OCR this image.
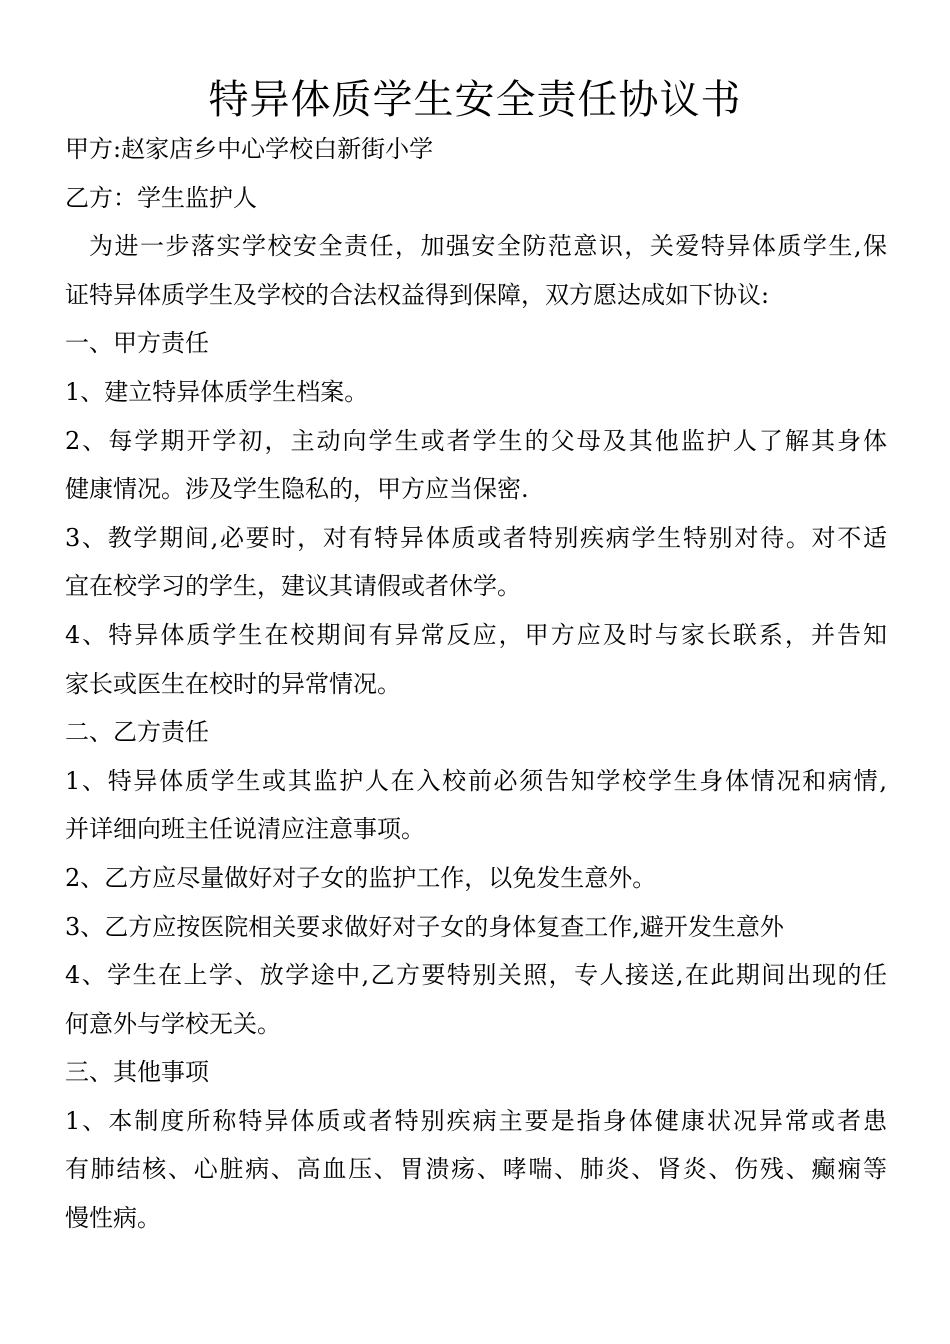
特异体质学生安全责任协议书
甲方:赵家店乡中心学校白新街小学
乙方：学生监护人
为进一步落实学校安全责任，加强安全防范意识，关爱特异体质学生,保
证特异体质学生及学校的合法权益得到保障，双方愿达成如下协议:
一、甲方责任
1、建立特异体质学生档案。
2、每学期开学初，主动向学生或者学生的父母及其他监护人了解其身体
健康情况。涉及学生隐私的，甲方应当保密.
3、教学期间,必要时，对有特异体质或者特别疾病学生特别对待。对不适
宜在校学习的学生，建议其请假或者休学。
4、特异体质学生在校期间有异常反应，甲方应及时与家长联系，并告知
家长或医生在校时的异常情况。
二、乙方责任
1、特异体质学生或其监护人在入校前必须告知学校学生身体情况和病情,
并详细向班主任说清应注意事项。
2、乙方应尽量做好对子女的监护工作，以免发生意外。
3、乙方应按医院相关要求做好对子女的身体复查工作,避开发生意外
4、学生在上学、放学途中,乙方要特别关照，专人接送,在此期间出现的任
何意外与学校无关。
三、其他事项
1、本制度所称特异体质或者特别疾病主要是指身体健康状况异常或者患
有肺结核、心脏病、高血压、胃溃疡、哮喘、肺炎、肾炎、伤残、癫痫等
慢性病。
